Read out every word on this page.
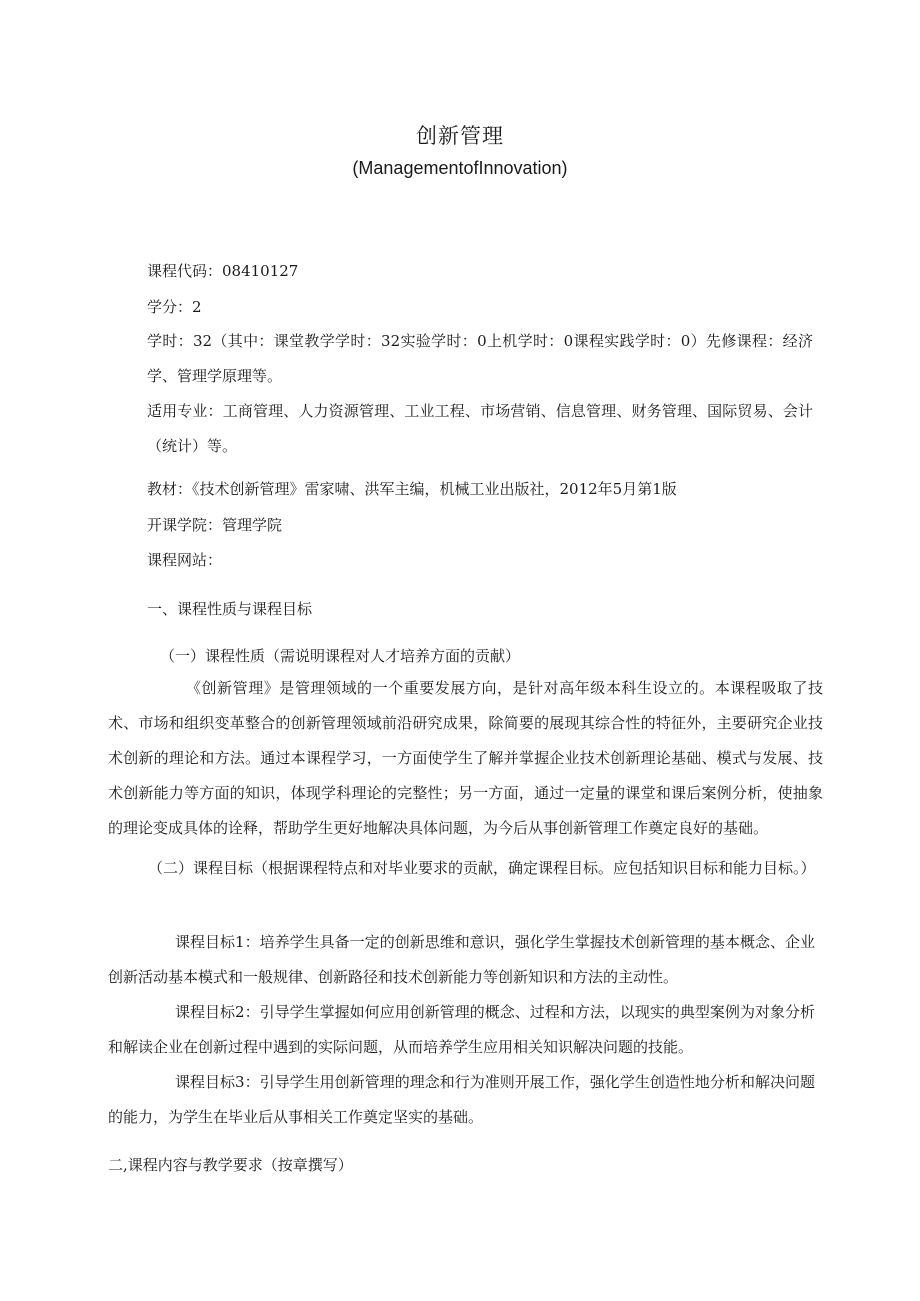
创新管理
(ManagementofInnovation)
课程代码：08410127
学分：2
学时：32（其中：课堂教学学时：32实验学时：0上机学时：0课程实践学时：0）先修课程：经济学、管理学原理等。
适用专业：工商管理、人力资源管理、工业工程、市场营销、信息管理、财务管理、国际贸易、会计（统计）等。
教材：《技术创新管理》雷家啸、洪军主编，机械工业出版社，2012年5月第1版
开课学院：管理学院
课程网站：
一、课程性质与课程目标
（一）课程性质（需说明课程对人才培养方面的贡献）
《创新管理》是管理领域的一个重要发展方向，是针对高年级本科生设立的。本课程吸取了技术、市场和组织变革整合的创新管理领域前沿研究成果，除简要的展现其综合性的特征外，主要研究企业技术创新的理论和方法。通过本课程学习，一方面使学生了解并掌握企业技术创新理论基础、模式与发展、技术创新能力等方面的知识，体现学科理论的完整性；另一方面，通过一定量的课堂和课后案例分析，使抽象的理论变成具体的诠释，帮助学生更好地解决具体问题，为今后从事创新管理工作奠定良好的基础。
（二）课程目标（根据课程特点和对毕业要求的贡献，确定课程目标。应包括知识目标和能力目标。）
课程目标1：培养学生具备一定的创新思维和意识，强化学生掌握技术创新管理的基本概念、企业创新活动基本模式和一般规律、创新路径和技术创新能力等创新知识和方法的主动性。
课程目标2：引导学生掌握如何应用创新管理的概念、过程和方法，以现实的典型案例为对象分析和解读企业在创新过程中遇到的实际问题，从而培养学生应用相关知识解决问题的技能。
课程目标3：引导学生用创新管理的理念和行为准则开展工作，强化学生创造性地分析和解决问题的能力，为学生在毕业后从事相关工作奠定坚实的基础。
二,课程内容与教学要求（按章撰写）
